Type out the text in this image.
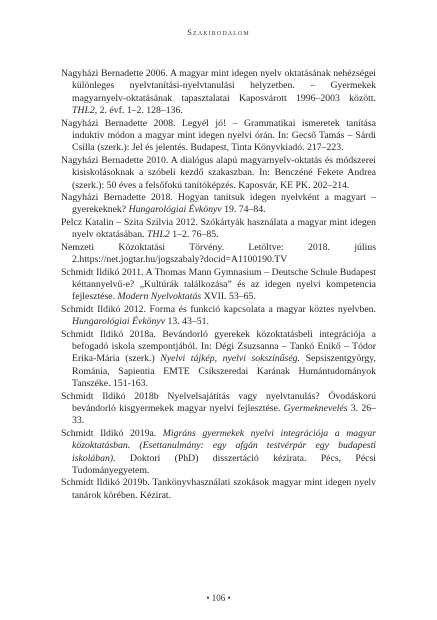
Szakirodalom

Nagyházi Bernadette 2006. A magyar mint idegen nyelv oktatásának nehézségei különleges nyelvtanítási-nyelvtanulási helyzetben. – Gyermekek magyarnyelv-oktatásának tapasztalatai Kaposvárott 1996–2003 között. THL2, 2. évf. 1–2. 128–136.

Nagyházi Bernadette 2008. Legyél jó! – Grammatikai ismeretek tanítása induktív módon a magyar mint idegen nyelvi órán. In: Gecső Tamás – Sárdi Csilla (szerk.): Jel és jelentés. Budapest, Tinta Könyvkiadó. 217–223.

Nagyházi Bernadette 2010. A dialógus alapú magyarnyelv-oktatás és módszerei kisiskolásoknak a szóbeli kezdő szakaszban. In: Benczéné Fekete Andrea (szerk.): 50 éves a felsőfokú tanítóképzés. Kaposvár, KE PK. 202–214.

Nagyházi Bernadette 2018. Hogyan tanítsuk idegen nyelvként a magyart – gyerekeknek? Hungarológiai Évkönyv 19. 74–84.

Pelcz Katalin – Szita Szilvia 2012. Szókártyák használata a magyar mint idegen nyelv oktatásában. THL2 1–2. 76–85.

Nemzeti Közoktatási Törvény. Letöltve: 2018. július 2.https://net.jogtar.hu/jogszabaly?docid=A1100190.TV

Schmidt Ildikó 2011. A Thomas Mann Gymnasium – Deutsche Schule Budapest kéttannyelvű-e? „Kultúrák találkozása” és az idegen nyelvi kompetencia fejlesztése. Modern Nyelvoktatás XVII. 53–65.

Schmidt Ildikó 2012. Forma és funkció kapcsolata a magyar köztes nyelvben. Hungarológiai Évkönyv 13. 43–51.

Schmidt Ildikó 2018a. Bevándorló gyerekek közoktatásbeli integrációja a befogadó iskola szempontjából. In: Dégi Zsuzsanna – Tankó Enikő – Tódor Erika-Mária (szerk.) Nyelvi tájkép, nyelvi sokszínűség. Sepsiszentgyörgy, Románia, Sapientia EMTE Csíkszeredai Karának Humántudományok Tanszéke. 151-163.

Schmidt Ildikó 2018b Nyelvelsajátítás vagy nyelvtanulás? Óvodáskorú bevándorló kisgyermekek magyar nyelvi fejlesztése. Gyermeknevelés 3. 26–33.

Schmidt Ildikó 2019a. Migráns gyermekek nyelvi integrációja a magyar közoktatásban. (Esettanulmány: egy afgán testvérpár egy budapesti iskolában). Doktori (PhD) disszertáció kézirata. Pécs, Pécsi Tudományegyetem.

Schmidt Ildikó 2019b. Tankönyvhasználati szokások magyar mint idegen nyelv tanárok körében. Kézirat.

• 106 •
